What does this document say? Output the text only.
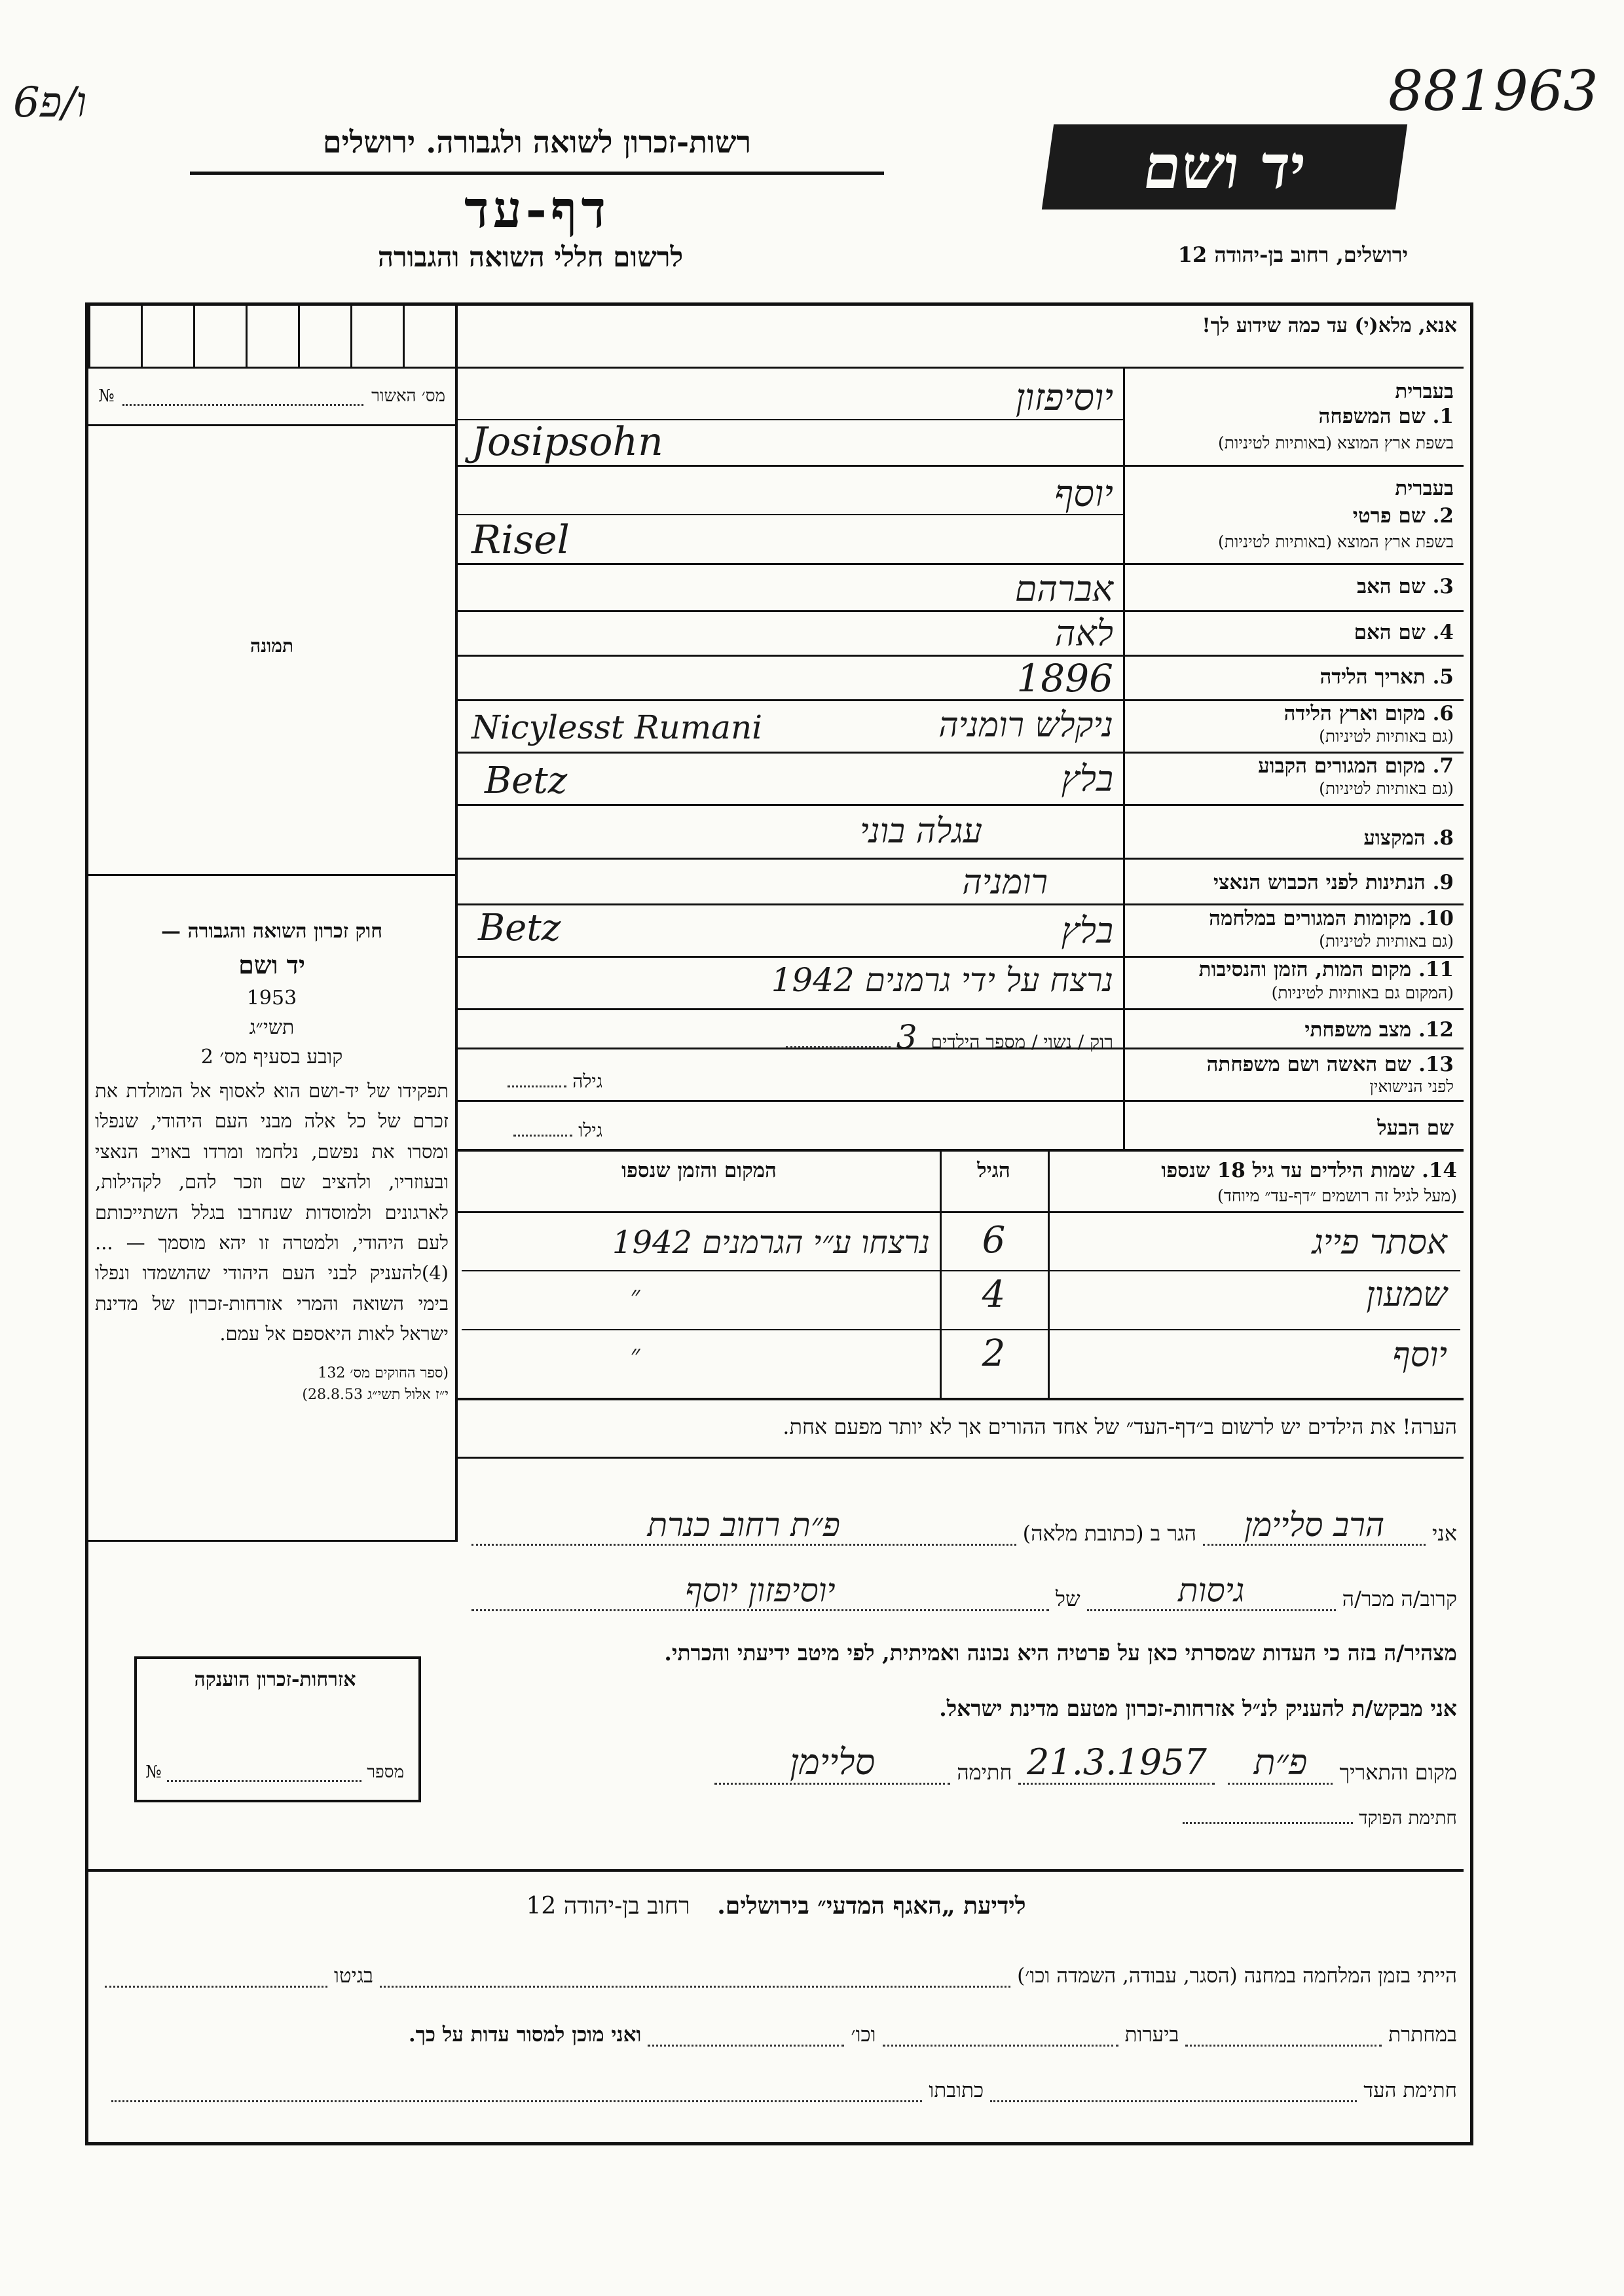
6ו/פ	881963
רשות-זכרון לשואה ולגבורה. ירושלים
דף-עד
לרשום חללי השואה והגבורה
יד ושם
ירושלים, רחוב בן-יהודה 12
מס׳ האשור
№
תמונה

חוק זכרון השואה והגבורה —

יד ושם

1953

תשי״ג

קובע בסעיף מס׳ 2

תפקידו של יד-ושם הוא לאסוף אל המולדת את זכרם של כל אלה מבני העם היהודי, שנפלו ומסרו את נפשם, נלחמו ומרדו באויב הנאצי ובעוזריו, ולהציב שם וזכר להם, לקהילות, לארגונים ולמוסדות שנחרבו בגלל השתייכותם לעם היהודי, ולמטרה זו יהא מוסמך — ...(4)להעניק לבני העם היהודי שהושמדו ונפלו בימי השואה והמרי אזרחות-זכרון של מדינת ישראל לאות היאספם אל עמם.

(ספר החוקים מס׳ 132

י״ז אלול תשי״ג 28.8.53)

אנא, מלא(י) עד כמה שידוע לך!
בעברית
1. שם המשפחה
בשפת ארץ המוצא (באותיות לטיניות)
יוסיפזון
Josipsohn
בעברית
2. שם פרטי
בשפת ארץ המוצא (באותיות לטיניות)
יוסף
Risel
3. שם האב
אברהם
4. שם האם
לאה
5. תאריך הלידה
1896
6. מקום וארץ הלידה
(גם באותיות לטיניות)
ניקלש רומניה
Nicylesst Rumani
7. מקום המגורים הקבוע
(גם באותיות לטיניות)
בלץ
Betz
8. המקצוע
עגלה בוני
9. הנתינות לפני הכבוש הנאצי
רומניה
10. מקומות המגורים במלחמה
(גם באותיות לטיניות)
בלץ
Betz
11. מקום המות, הזמן והנסיבות
(המקום גם באותיות לטיניות)
נרצח על ידי גרמנים 1942
12. מצב משפחתי
רוק / נשוי / מספר הילדים 3
13. שם האשה ושם משפחתה
לפני הנישואין
גילה
שם הבעל
גילו
14. שמות הילדים עד גיל 18 שנספו
(מעל לגיל זה רושמים ״דף-עד״ מיוחד)
הגיל
המקום והזמן שנספו
אסתר פייג
6
נרצחו ע״י הגרמנים 1942
שמעון
4
״
יוסף
2
״
הערה! את הילדים יש לרשום ב״דף-העד״ של אחד ההורים אך לא יותר מפעם אחת.
אני
הרב סליימן
הגר ב (כתובת מלאה)
פ״ת רחוב כנרת
קרוב/ה מכר/ה
גיסות
של
יוסיפזון יוסף
מצהיר/ה בזה כי העדות שמסרתי כאן על פרטיה היא נכונה ואמיתית, לפי מיטב ידיעתי והכרתי.
אני מבקש/ת להעניק לנ״ל אזרחות-זכרון מטעם מדינת ישראל.
מקום והתאריך
פ״ת
21.3.1957
חתימה
סליימן
חתימת הפוקד
אזרחות-זכרון הוענקה
מספר
№
לידיעת „האגף המדעי״ בירושלים. רחוב בן-יהודה 12
הייתי בזמן המלחמה במחנה (הסגר, עבודה, השמדה וכו׳)
בגיטו
במחתרת
ביערות
וכו׳
ואני מוכן למסור עדות על כך.
חתימת העד
כתובתו
